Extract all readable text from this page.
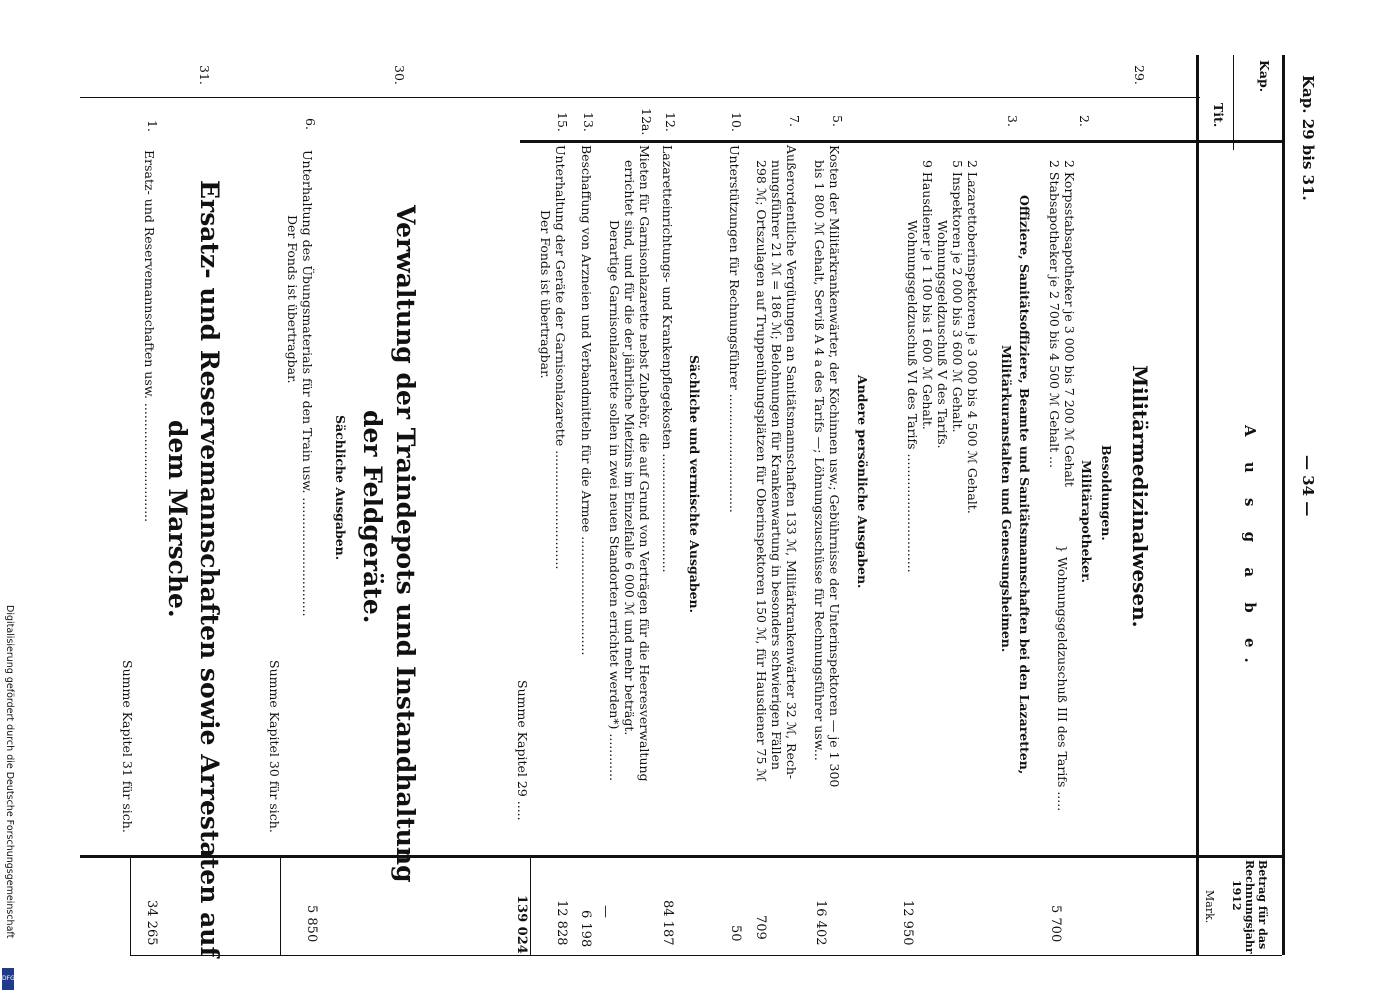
Digitalisierung gefördert durch die Deutsche Forschungsgemeinschaft
DFG
Kap. 29 bis 31.
— 34 —
A u s g a b e.
Kap.
Tit.
Betrag für das
Rechnungsjahr
1912
Mark.
29.
30.
31.
Militärmedizinalwesen.
Besoldungen.
Militärapotheker.
2.
2 Korpsstabsapotheker je 3 000 bis 7 200 ℳ Gehalt
2 Stabsapotheker je 2 700 bis 4 500 ℳ Gehalt ...
} Wohnungsgeldzuschuß III des Tarifs .....
5 700
Offiziere, Sanitätsoffiziere, Beamte und Sanitätsmannschaften bei den Lazaretten,
Militärkuranstalten und Genesungsheimen.
3.
2 Lazarettoberinspektoren je 3 000 bis 4 500 ℳ Gehalt.
5 Inspektoren je 2 000 bis 3 600 ℳ Gehalt.
Wohnungsgeldzuschuß V des Tarifs.
9 Hausdiener je 1 100 bis 1 600 ℳ Gehalt.
Wohnungsgeldzuschuß VI des Tarifs ..............................
12 950
Andere persönliche Ausgaben.
5.
Kosten der Militärkrankenwärter, der Köchinnen usw.; Gebührnisse der Unterinspektoren — je 1 300
bis 1 800 ℳ Gehalt, Serviß A 4 a des Tarifs —; Löhnungszuschüsse für Rechnungsführer usw...
7.
Außerordentliche Vergütungen an Sanitätsmannschaften 133 ℳ, Militärkrankenwärter 32 ℳ, Rech-
nungsführer 21 ℳ = 186 ℳ; Belohnungen für Krankenwartung in besonders schwierigen Fällen
298 ℳ; Ortszulagen auf Truppenübungsplätzen für Oberinspektoren 150 ℳ, für Hausdiener 75 ℳ
16 402
709
10.
Unterstützungen für Rechnungsführer ..............................
50
Sächliche und vermischte Ausgaben.
12.
Lazaretteinrichtungs- und Krankenpflegekosten ..............................
84 187
12a.
Mieten für Garnisonlazarette nebst Zubehör, die auf Grund von Verträgen für die Heeresverwaltung
errichtet sind, und für die der jährliche Mietzins im Einzelfalle 6 000 ℳ und mehr beträgt.
Derartige Garnisonlazarette sollen in zwei neuen Standorten errichtet werden*) ............
—
13.
Beschaffung von Arzneien und Verbandmitteln für die Armee ..............................
6 198
15.
Unterhaltung der Geräte der Garnisonlazarette ..............................
Der Fonds ist übertragbar.
12 828
Summe Kapitel 29 .....
139 024
Verwaltung der Traindepots und Instandhaltung
der Feldgeräte.
Sächliche Ausgaben.
6.
Unterhaltung des Übungsmaterials für den Train usw. ..............................
Der Fonds ist übertragbar.
5 850
Summe Kapitel 30 für sich.
Ersatz- und Reservemannschaften sowie Arrestaten auf
dem Marsche.
1.
Ersatz- und Reservemannschaften usw. ..............................
34 265
Summe Kapitel 31 für sich.
